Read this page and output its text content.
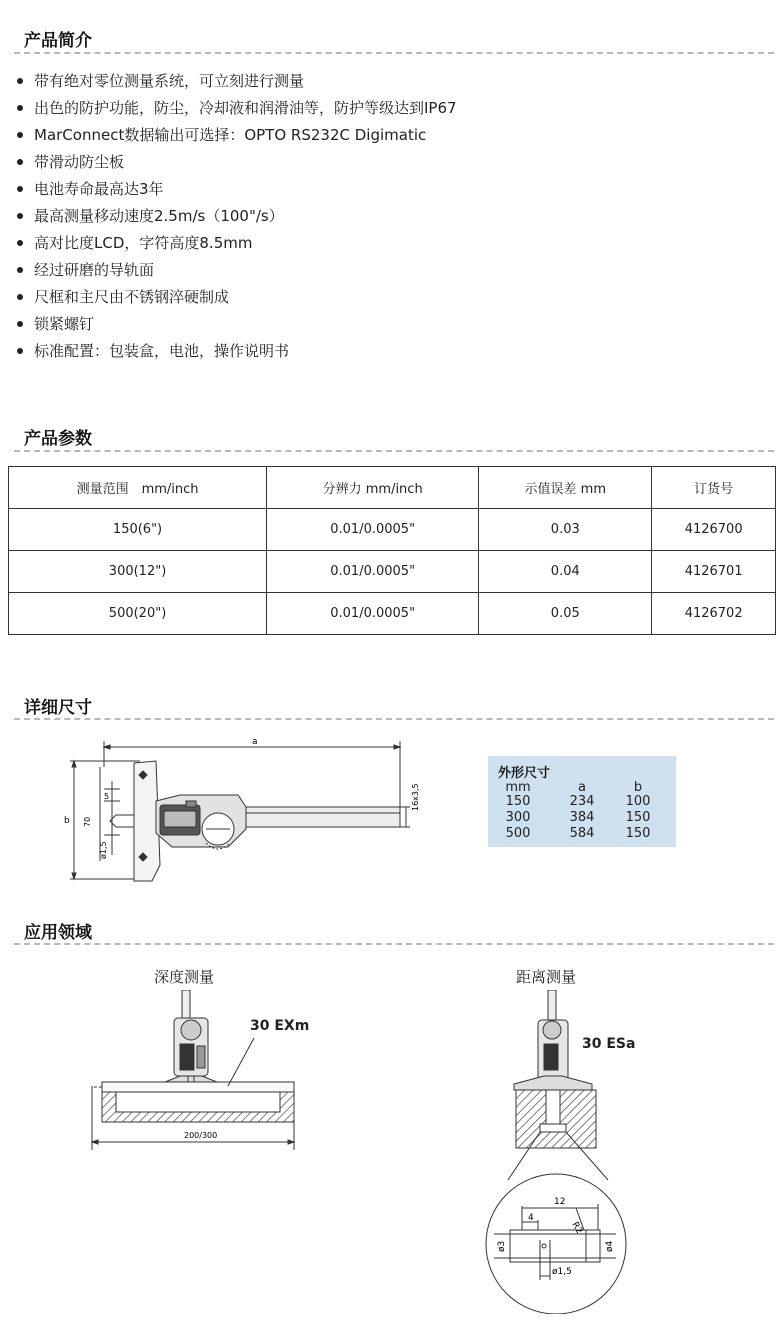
产品简介
带有绝对零位测量系统，可立刻进行测量
出色的防护功能，防尘，冷却液和润滑油等，防护等级达到IP67
MarConnect数据输出可选择：OPTO RS232C Digimatic
带滑动防尘板
电池寿命最高达3年
最高测量移动速度2.5m/s（100"/s）
高对比度LCD，字符高度8.5mm
经过研磨的导轨面
尺框和主尺由不锈钢淬硬制成
锁紧螺钉
标准配置：包装盒，电池，操作说明书
产品参数
测量范围　mm/inch	分辨力 mm/inch	示值误差 mm	订货号
150(6")	0.01/0.0005"	0.03	4126700
300(12")	0.01/0.0005"	0.04	4126701
500(20")	0.01/0.0005"	0.05	4126702
详细尺寸
a
b
5
70
ø1,5
16x3,5
外形尺寸
mm	a	b
150	234	100
300	384	150
500	584	150
应用领域
深度测量	距离测量
200/300
30 EXm
12
4
R2
ø3	ø4
ø1,5
30 ESa
